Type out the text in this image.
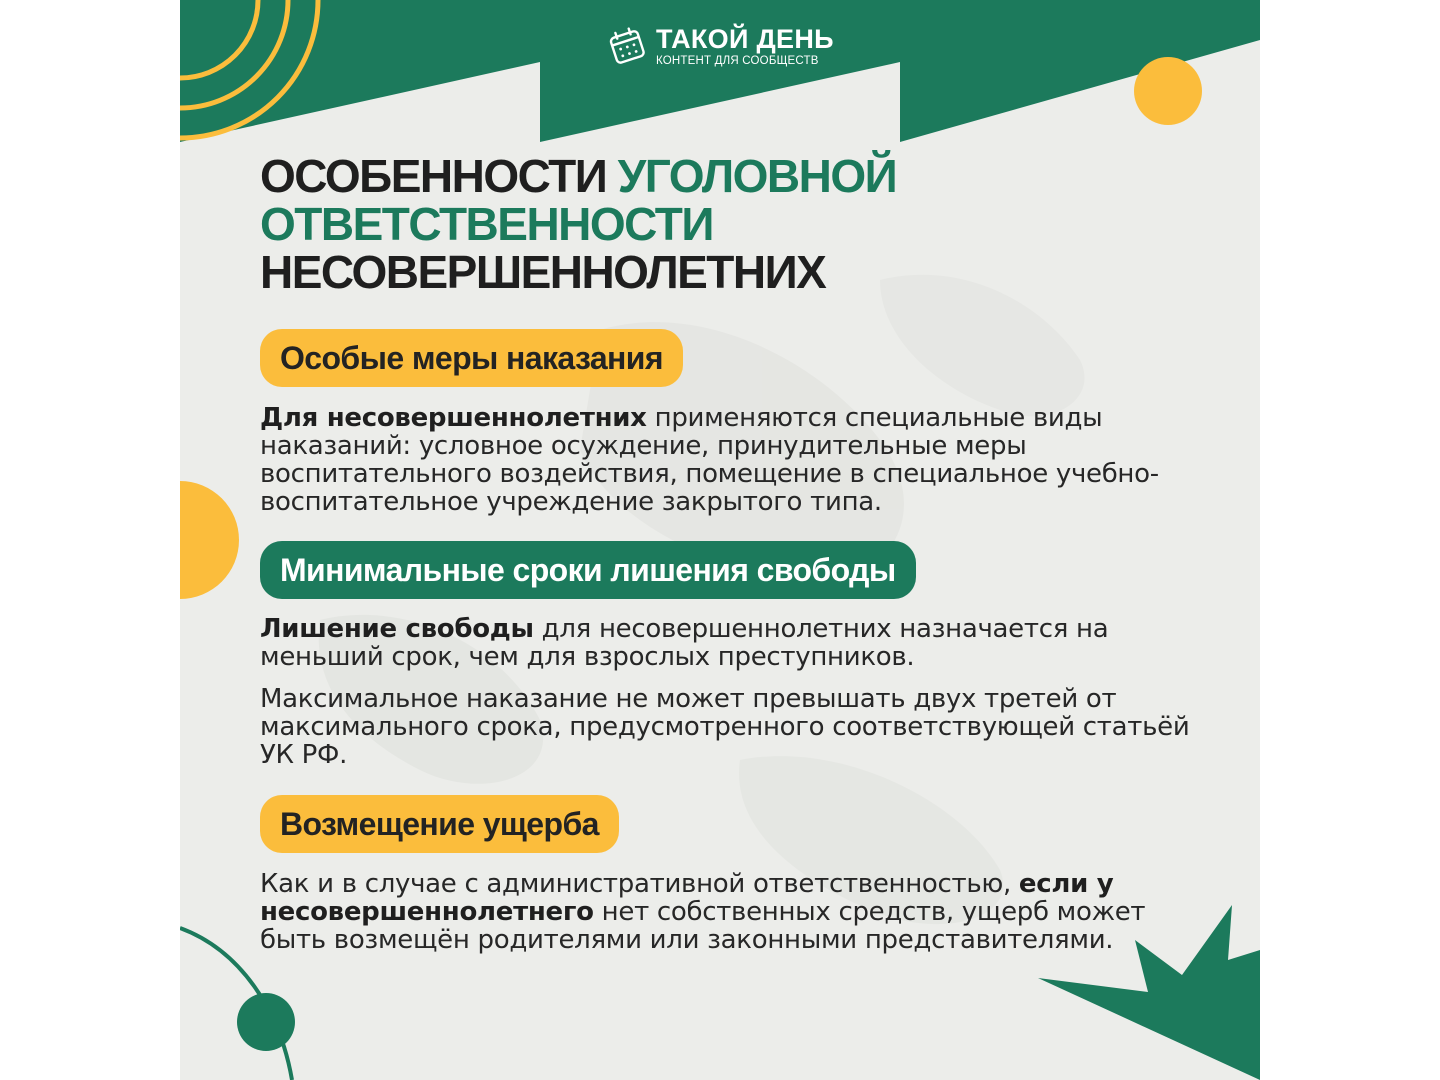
ТАКОЙ ДЕНЬ
КОНТЕНТ ДЛЯ СООБЩЕСТВ
ОСОБЕННОСТИ УГОЛОВНОЙ
ОТВЕТСТВЕННОСТИ
НЕСОВЕРШЕННОЛЕТНИХ
Особые меры наказания

Для несовершеннолетних применяются специальные виды наказаний: условное осуждение, принудительные меры воспитательного воздействия, помещение в специальное учебно-воспитательное учреждение закрытого типа.

Минимальные сроки лишения свободы

Лишение свободы для несовершеннолетних назначается на меньший срок, чем для взрослых преступников.

Максимальное наказание не может превышать двух третей от максимального срока, предусмотренного соответствующей статьёй УК РФ.

Возмещение ущерба

Как и в случае с административной ответственностью, если у несовершеннолетнего нет собственных средств, ущерб может быть возмещён родителями или законными представителями.
